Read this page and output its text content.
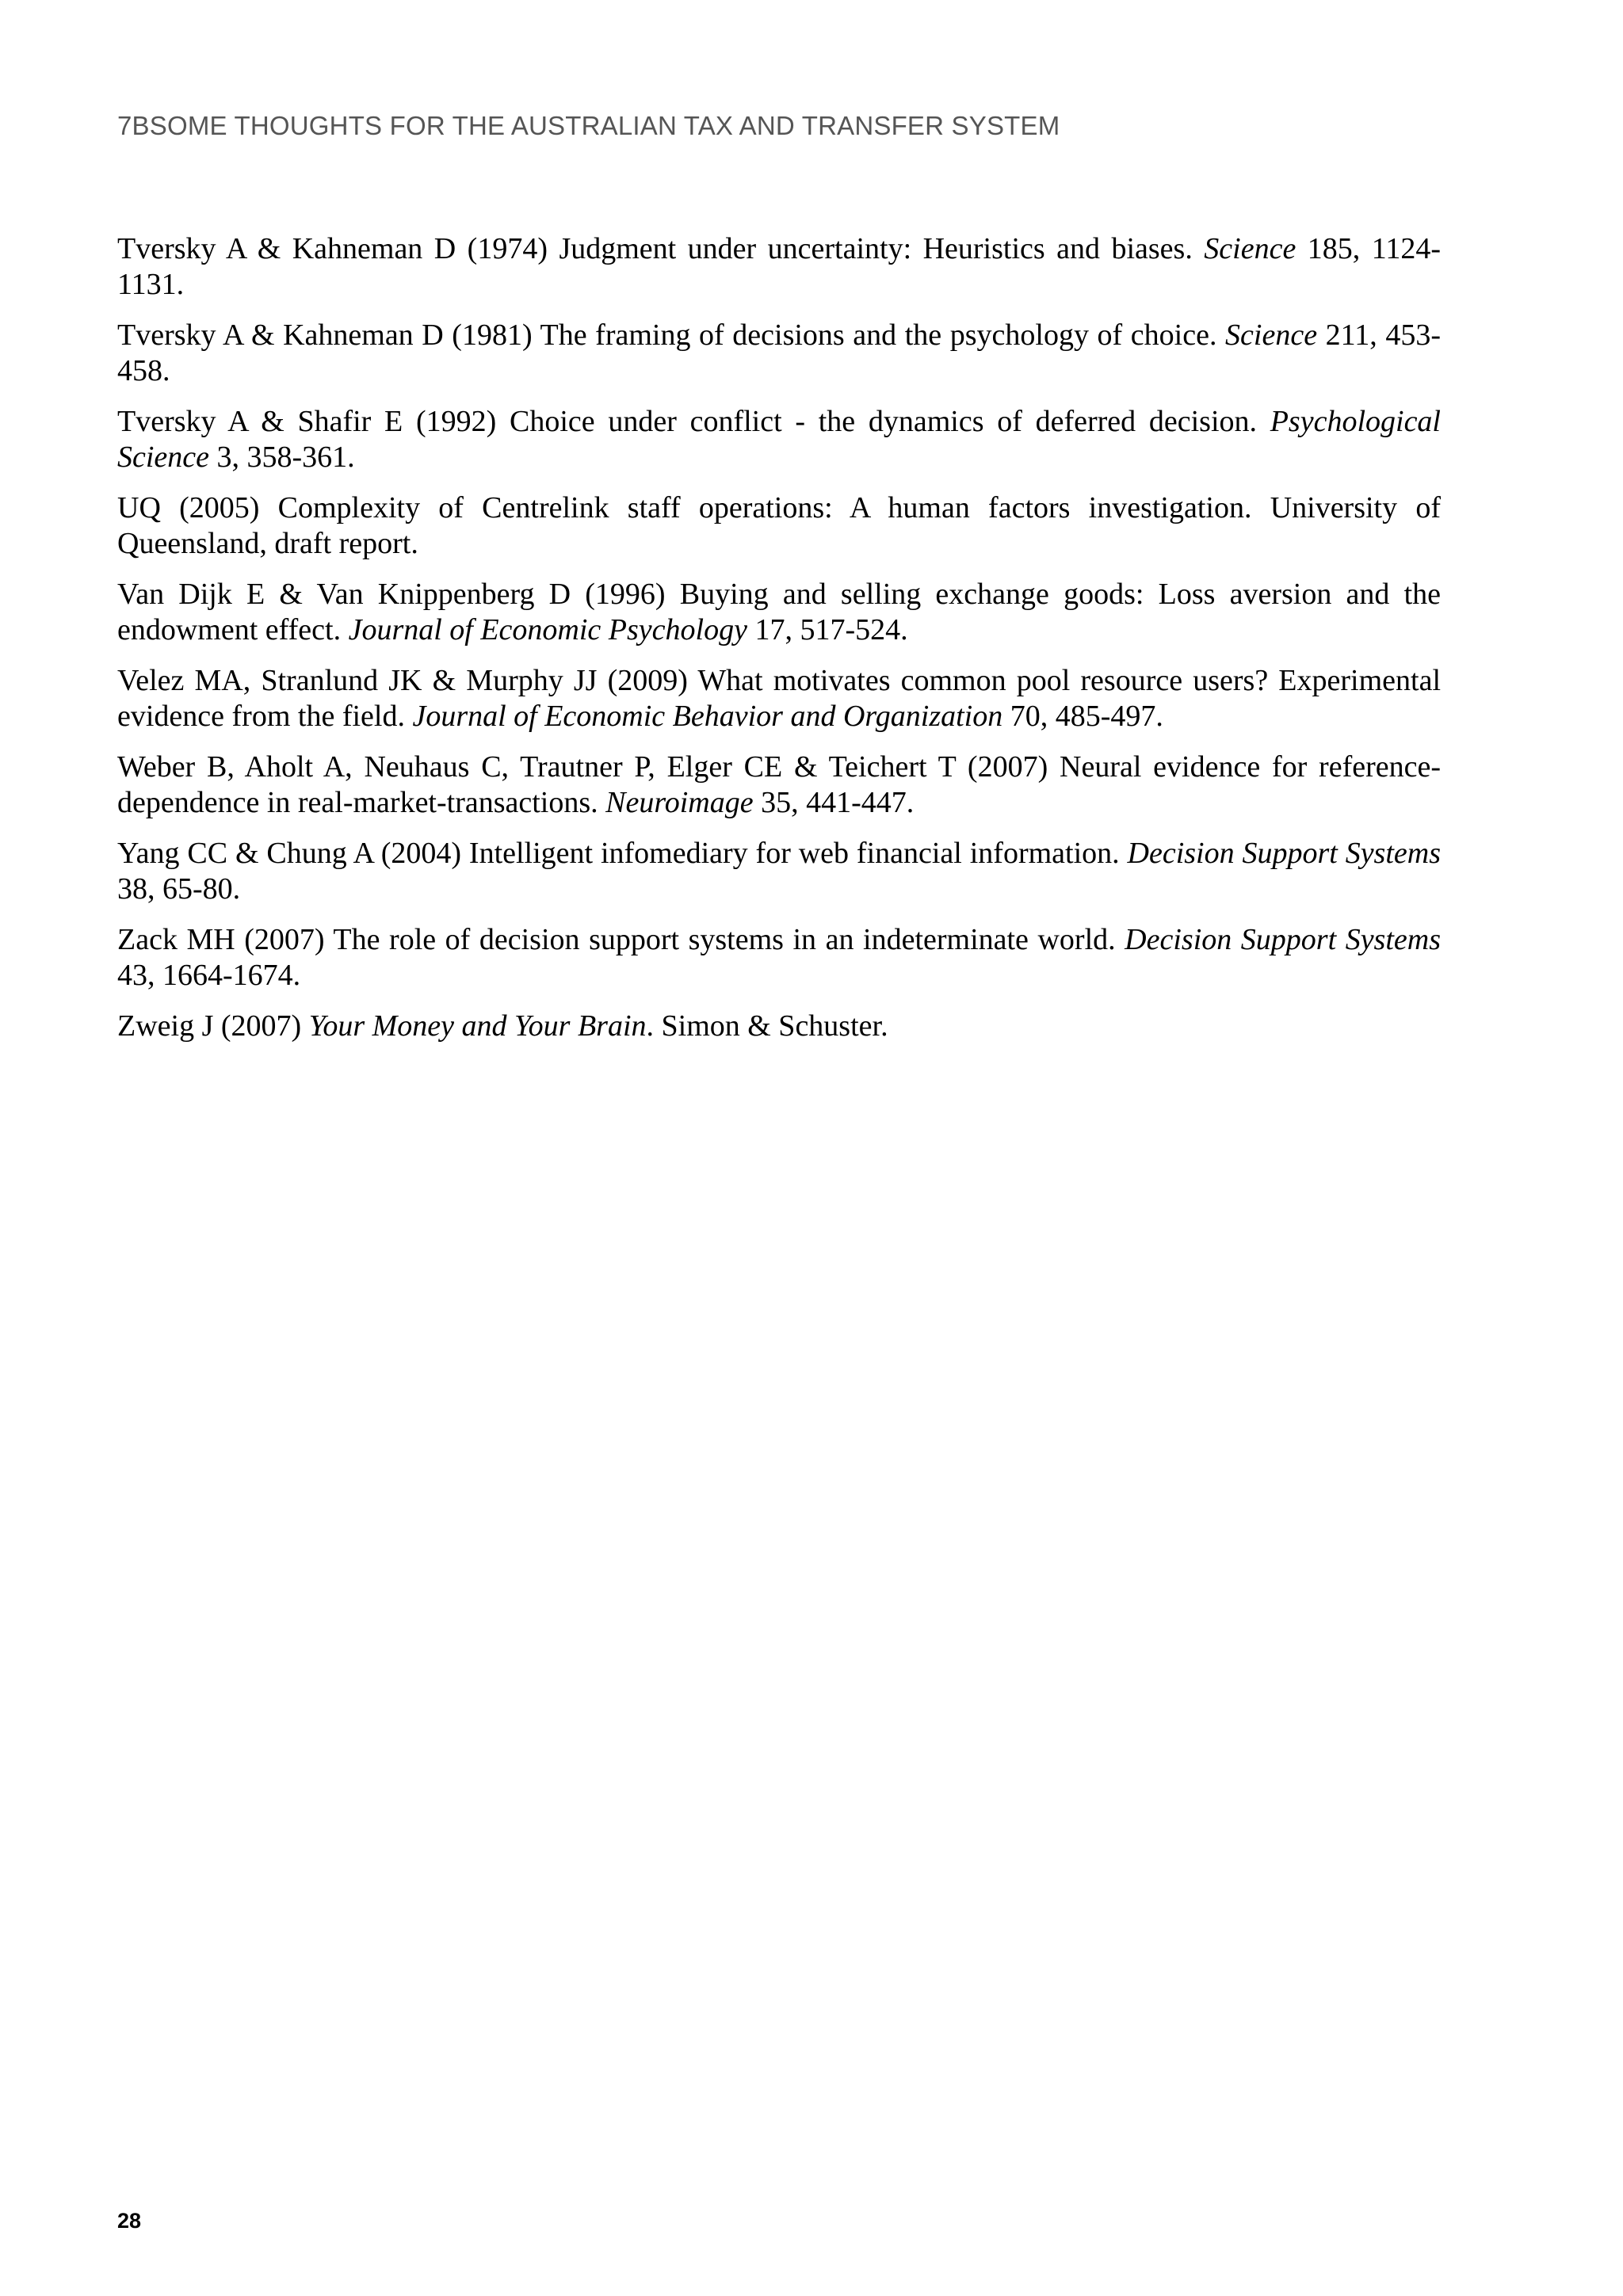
7BSOME THOUGHTS FOR THE AUSTRALIAN TAX AND TRANSFER SYSTEM

Tversky A & Kahneman D (1974) Judgment under uncertainty: Heuristics and biases. Science 185, 1124-1131.

Tversky A & Kahneman D (1981) The framing of decisions and the psychology of choice. Science 211, 453-458.

Tversky A & Shafir E (1992) Choice under conflict - the dynamics of deferred decision. Psychological Science 3, 358-361.

UQ (2005) Complexity of Centrelink staff operations: A human factors investigation. University of Queensland, draft report.

Van Dijk E & Van Knippenberg D (1996) Buying and selling exchange goods: Loss aversion and the endowment effect. Journal of Economic Psychology 17, 517-524.

Velez MA, Stranlund JK & Murphy JJ (2009) What motivates common pool resource users? Experimental evidence from the field. Journal of Economic Behavior and Organization 70, 485-497.

Weber B, Aholt A, Neuhaus C, Trautner P, Elger CE & Teichert T (2007) Neural evidence for reference-dependence in real-market-transactions. Neuroimage 35, 441-447.

Yang CC & Chung A (2004) Intelligent infomediary for web financial information. Decision Support Systems 38, 65-80.

Zack MH (2007) The role of decision support systems in an indeterminate world. Decision Support Systems 43, 1664-1674.

Zweig J (2007) Your Money and Your Brain. Simon & Schuster.

28
